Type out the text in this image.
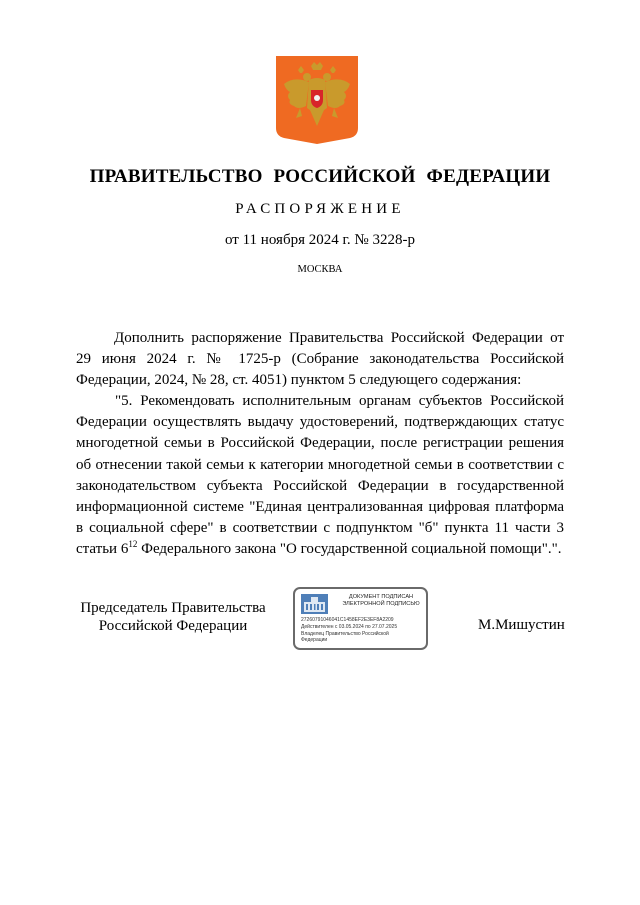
ПРАВИТЕЛЬСТВО РОССИЙСКОЙ ФЕДЕРАЦИИ
РАСПОРЯЖЕНИЕ
от 11 ноября 2024 г. № 3228-р
МОСКВА

Дополнить распоряжение Правительства Российской Федерации от 29 июня 2024 г. № 1725-р (Собрание законодательства Российской Федерации, 2024, № 28, ст. 4051) пунктом 5 следующего содержания:

"5. Рекомендовать исполнительным органам субъектов Российской Федерации осуществлять выдачу удостоверений, подтверждающих статус многодетной семьи в Российской Федерации, после регистрации решения об отнесении такой семьи к категории многодетной семьи в соответствии с законодательством субъекта Российской Федерации в государственной информационной системе "Единая централизованная цифровая платформа в социальной сфере" в соответствии с подпунктом "б" пункта 11 части 3 статьи $6^{12}$ Федерального закона "О государственной социальной помощи".".

Председатель Правительства
Российской Федерации
ДОКУМЕНТ ПОДПИСАН
ЭЛЕКТРОННОЙ ПОДПИСЬЮ
27260791046041C1458EF2E3EF8A2209
Действителен с 03.05.2024 по 27.07.2025
Владелец Правительство Российской
Федерации
М.Мишустин
